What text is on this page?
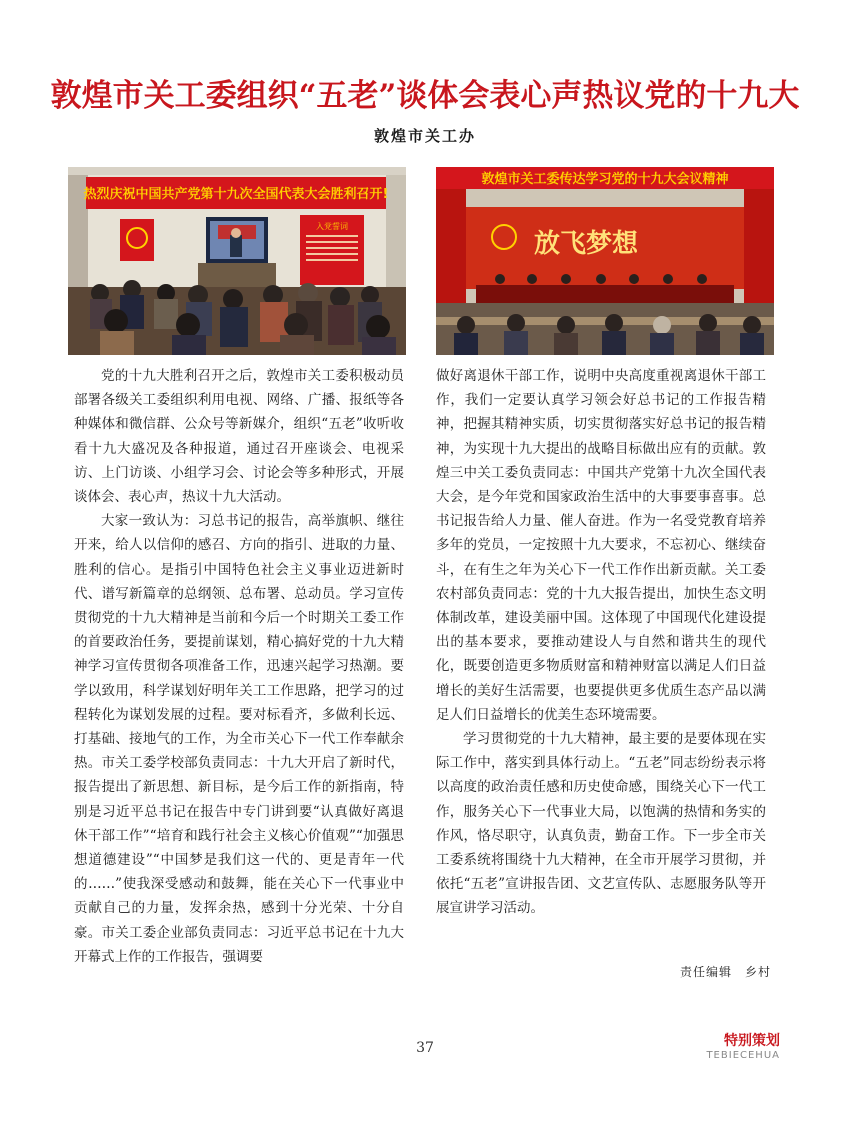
敦煌市关工委组织“五老”谈体会表心声热议党的十九大
敦煌市关工办
热烈庆祝中国共产党第十九次全国代表大会胜利召开!
入党誓词
敦煌市关工委传达学习党的十九大会议精神
放飞梦想

党的十九大胜利召开之后，敦煌市关工委积极动员部署各级关工委组织利用电视、网络、广播、报纸等各种媒体和微信群、公众号等新媒介，组织“五老”收听收看十九大盛况及各种报道，通过召开座谈会、电视采访、上门访谈、小组学习会、讨论会等多种形式，开展谈体会、表心声，热议十九大活动。

大家一致认为：习总书记的报告，高举旗帜、继往开来，给人以信仰的感召、方向的指引、进取的力量、胜利的信心。是指引中国特色社会主义事业迈进新时代、谱写新篇章的总纲领、总布署、总动员。学习宣传贯彻党的十九大精神是当前和今后一个时期关工委工作的首要政治任务，要提前谋划，精心搞好党的十九大精神学习宣传贯彻各项准备工作，迅速兴起学习热潮。要学以致用，科学谋划好明年关工工作思路，把学习的过程转化为谋划发展的过程。要对标看齐，多做利长远、打基础、接地气的工作，为全市关心下一代工作奉献余热。市关工委学校部负责同志：十九大开启了新时代，报告提出了新思想、新目标，是今后工作的新指南，特别是习近平总书记在报告中专门讲到要“认真做好离退休干部工作”“培育和践行社会主义核心价值观”“加强思想道德建设”“中国梦是我们这一代的、更是青年一代的……”使我深受感动和鼓舞，能在关心下一代事业中贡献自己的力量，发挥余热，感到十分光荣、十分自豪。市关工委企业部负责同志：习近平总书记在十九大开幕式上作的工作报告，强调要

做好离退休干部工作，说明中央高度重视离退休干部工作，我们一定要认真学习领会好总书记的工作报告精神，把握其精神实质，切实贯彻落实好总书记的报告精神，为实现十九大提出的战略目标做出应有的贡献。敦煌三中关工委负责同志：中国共产党第十九次全国代表大会，是今年党和国家政治生活中的大事要事喜事。总书记报告给人力量、催人奋进。作为一名受党教育培养多年的党员，一定按照十九大要求，不忘初心、继续奋斗，在有生之年为关心下一代工作作出新贡献。关工委农村部负责同志：党的十九大报告提出，加快生态文明体制改革，建设美丽中国。这体现了中国现代化建设提出的基本要求，要推动建设人与自然和谐共生的现代化，既要创造更多物质财富和精神财富以满足人们日益增长的美好生活需要，也要提供更多优质生态产品以满足人们日益增长的优美生态环境需要。

学习贯彻党的十九大精神，最主要的是要体现在实际工作中，落实到具体行动上。“五老”同志纷纷表示将以高度的政治责任感和历史使命感，围绕关心下一代工作，服务关心下一代事业大局，以饱满的热情和务实的作风，恪尽职守，认真负责，勤奋工作。下一步全市关工委系统将围绕十九大精神，在全市开展学习贯彻，并依托“五老”宣讲报告团、文艺宣传队、志愿服务队等开展宣讲学习活动。

责任编辑　乡村
37	特别策划
TEBIECEHUA
